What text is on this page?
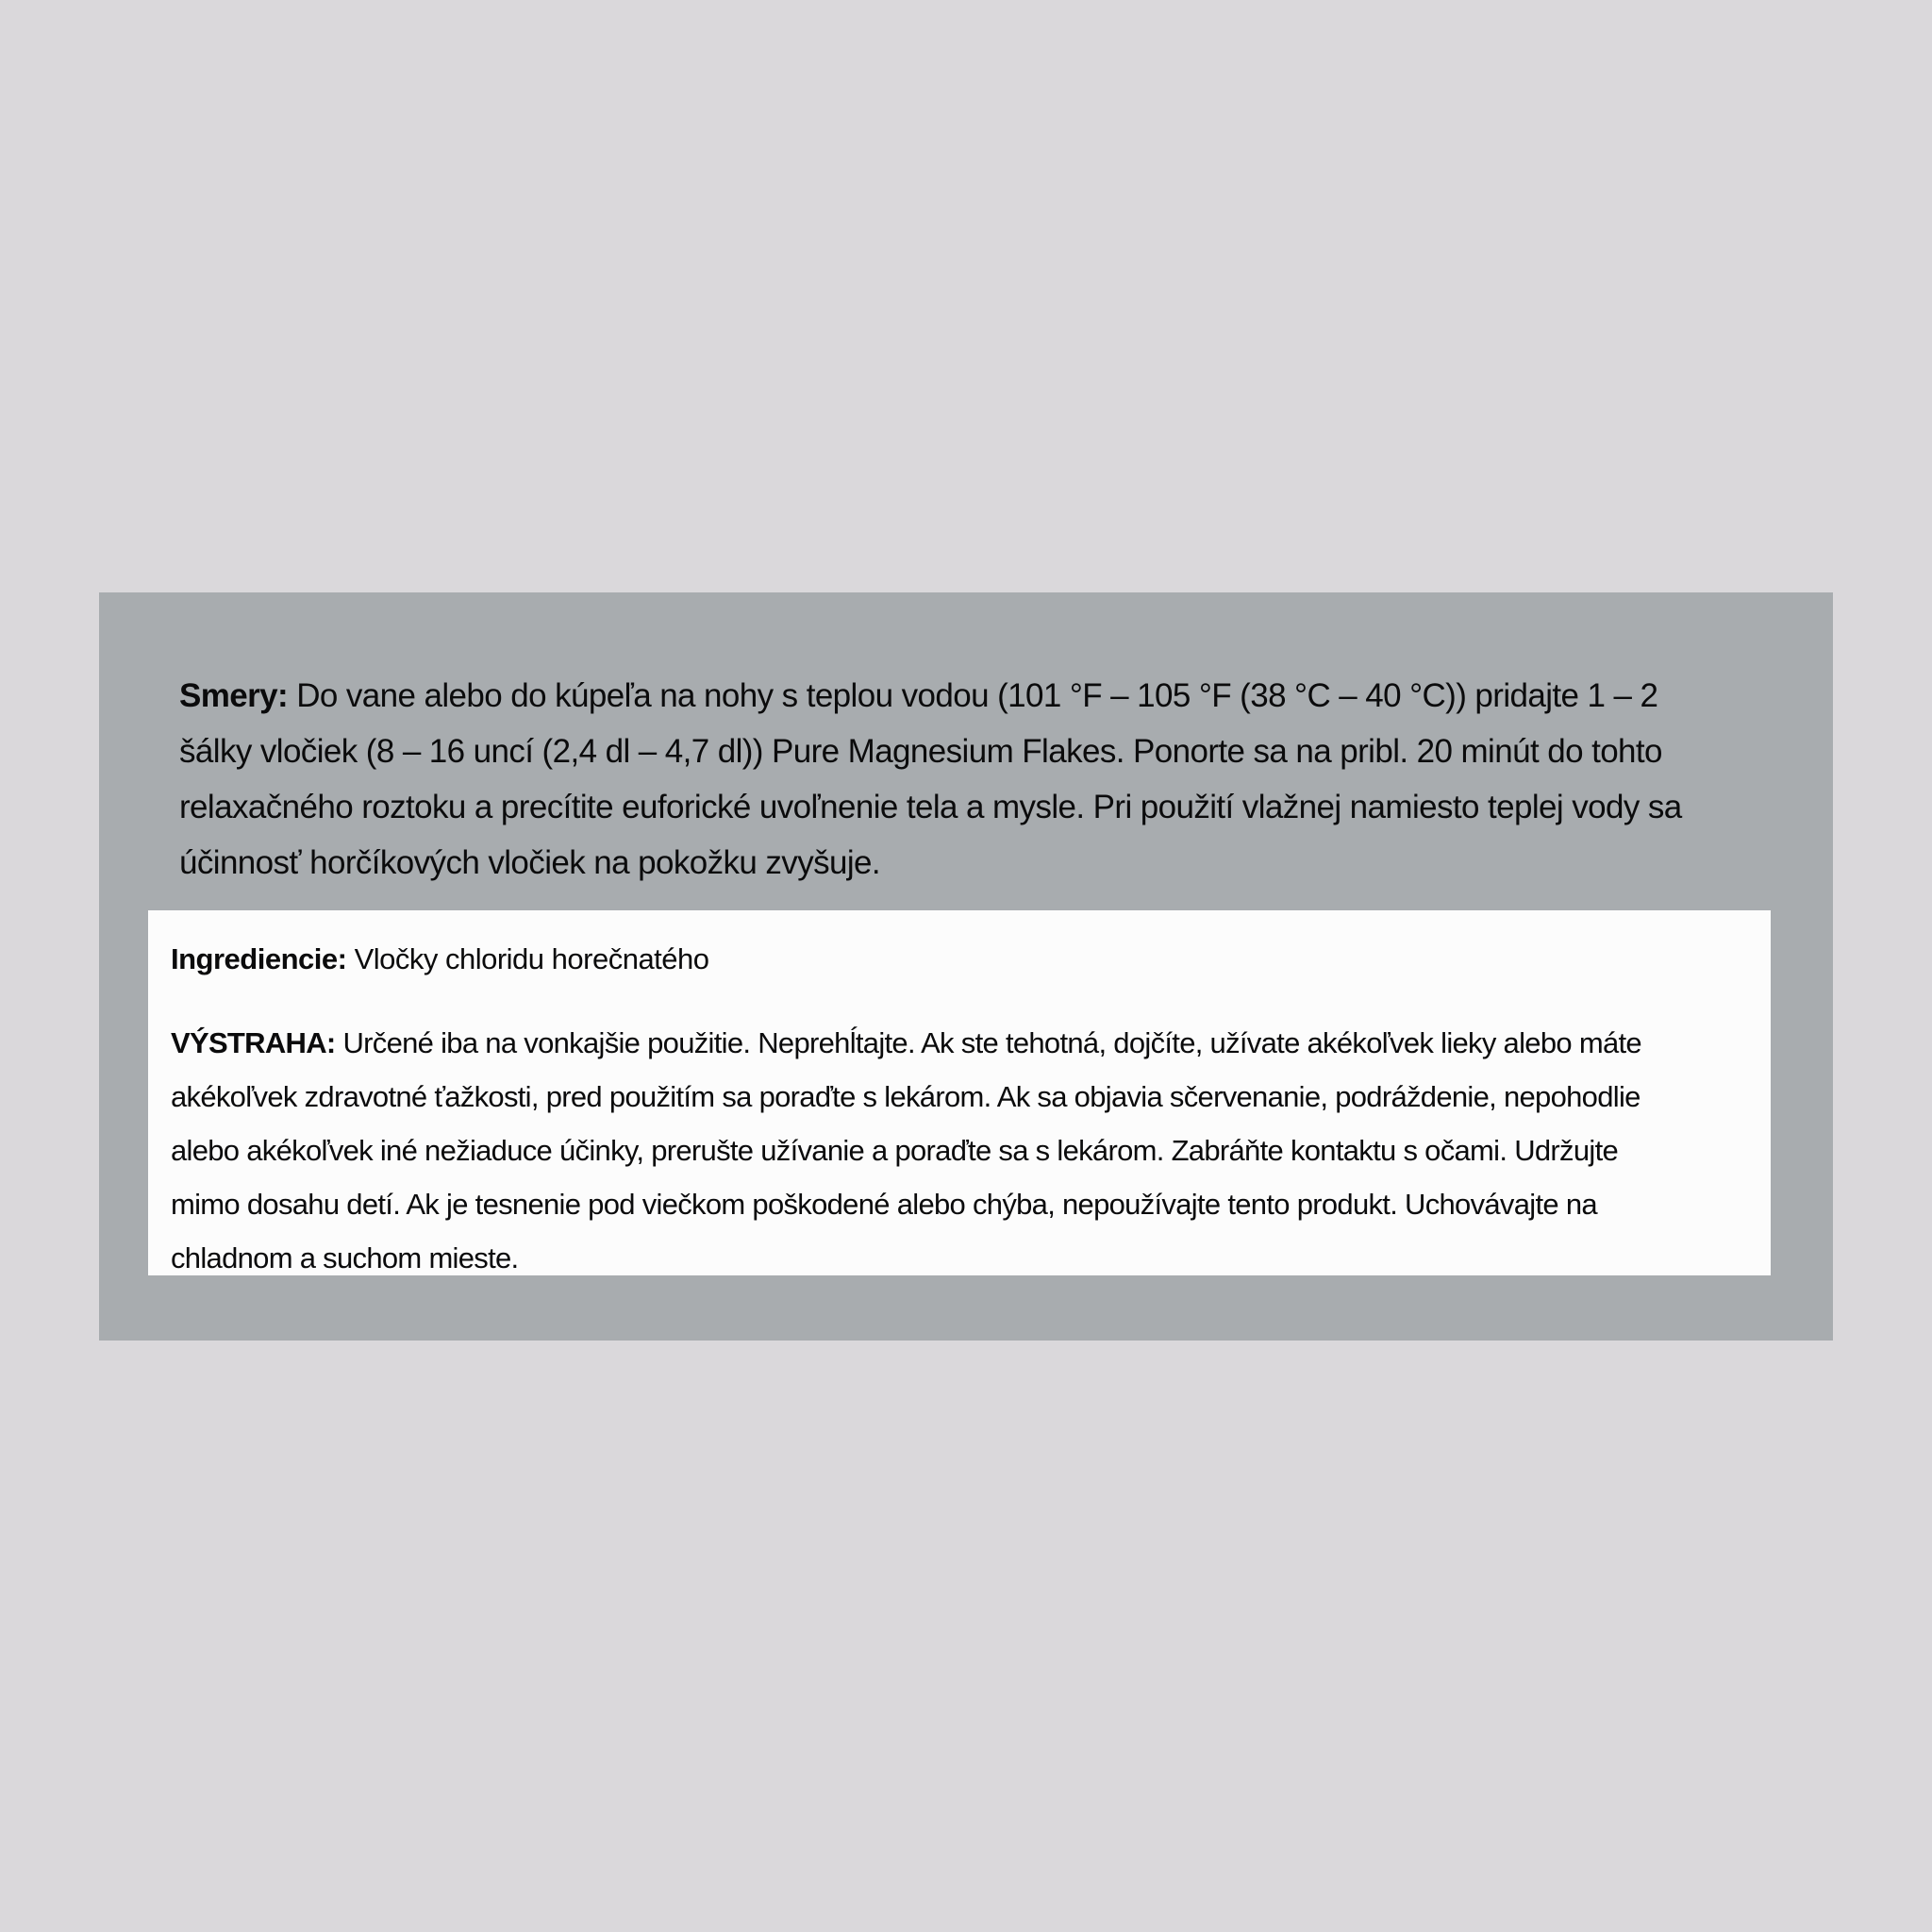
Smery: Do vane alebo do kúpeľa na nohy s teplou vodou (101 °F – 105 °F (38 °C – 40 °C)) pridajte 1 – 2
šálky vločiek (8 – 16 uncí (2,4 dl – 4,7 dl)) Pure Magnesium Flakes. Ponorte sa na pribl. 20 minút do tohto
relaxačného roztoku a precítite euforické uvoľnenie tela a mysle. Pri použití vlažnej namiesto teplej vody sa
účinnosť horčíkových vločiek na pokožku zvyšuje.
Ingrediencie: Vločky chloridu horečnatého
VÝSTRAHA: Určené iba na vonkajšie použitie. Neprehĺtajte. Ak ste tehotná, dojčíte, užívate akékoľvek lieky alebo máte
akékoľvek zdravotné ťažkosti, pred použitím sa poraďte s lekárom. Ak sa objavia sčervenanie, podráždenie, nepohodlie
alebo akékoľvek iné nežiaduce účinky, prerušte užívanie a poraďte sa s lekárom. Zabráňte kontaktu s očami. Udržujte
mimo dosahu detí. Ak je tesnenie pod viečkom poškodené alebo chýba, nepoužívajte tento produkt. Uchovávajte na
chladnom a suchom mieste.
